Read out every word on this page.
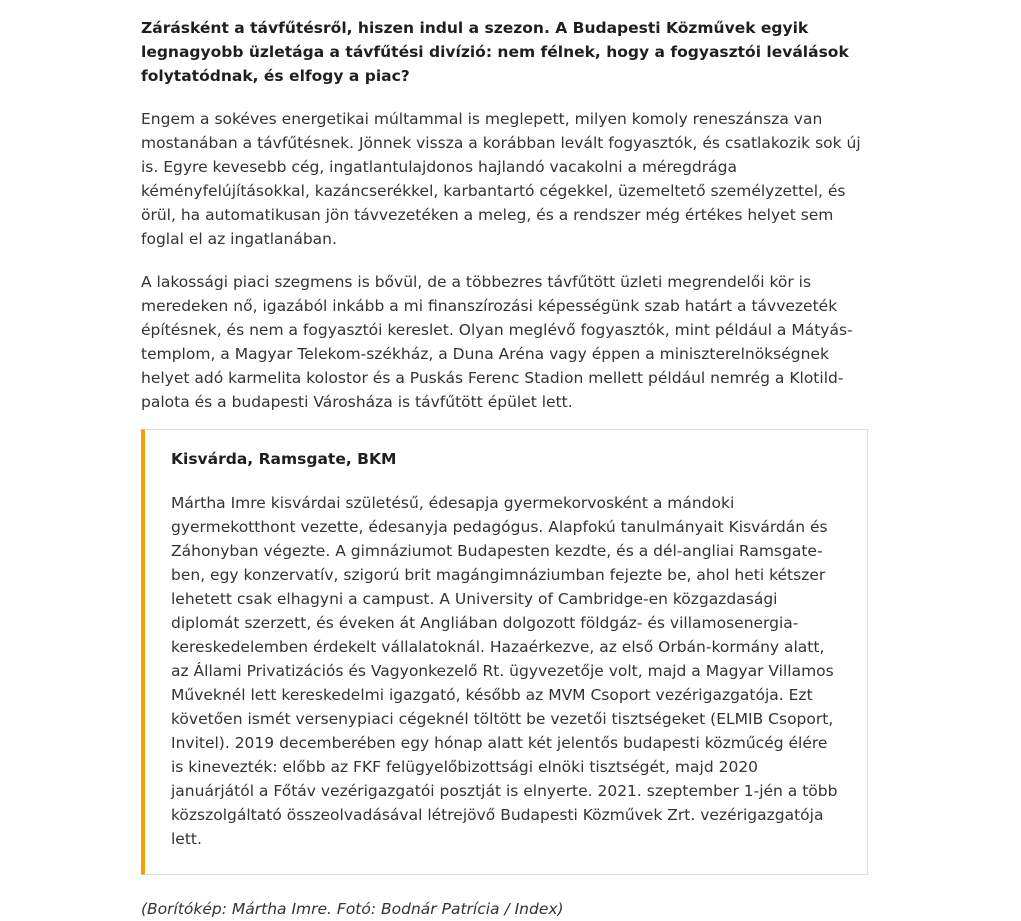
Zárásként a távfűtésről, hiszen indul a szezon. A Budapesti Közművek egyik legnagyobb üzletága a távfűtési divízió: nem félnek, hogy a fogyasztói leválások folytatódnak, és elfogy a piac?

Engem a sokéves energetikai múltammal is meglepett, milyen komoly reneszánsza van mostanában a távfűtésnek. Jönnek vissza a korábban levált fogyasztók, és csatlakozik sok új is. Egyre kevesebb cég, ingatlantulajdonos hajlandó vacakolni a méregdrága kéményfelújításokkal, kazáncserékkel, karbantartó cégekkel, üzemeltető személyzettel, és örül, ha automatikusan jön távvezetéken a meleg, és a rendszer még értékes helyet sem foglal el az ingatlanában.

A lakossági piaci szegmens is bővül, de a többezres távfűtött üzleti megrendelői kör is meredeken nő, igazából inkább a mi finanszírozási képességünk szab határt a távvezeték építésnek, és nem a fogyasztói kereslet. Olyan meglévő fogyasztók, mint például a Mátyás-templom, a Magyar Telekom-székház, a Duna Aréna vagy éppen a miniszterelnökségnek helyet adó karmelita kolostor és a Puskás Ferenc Stadion mellett például nemrég a Klotild-palota és a budapesti Városháza is távfűtött épület lett.

Kisvárda, Ramsgate, BKM

Mártha Imre kisvárdai születésű, édesapja gyermekorvosként a mándoki gyermekotthont vezette, édesanyja pedagógus. Alapfokú tanulmányait Kisvárdán és Záhonyban végezte. A gimnáziumot Budapesten kezdte, és a dél-angliai Ramsgate-ben, egy konzervatív, szigorú brit magángimnáziumban fejezte be, ahol heti kétszer lehetett csak elhagyni a campust. A University of Cambridge-en közgazdasági diplomát szerzett, és éveken át Angliában dolgozott földgáz- és villamosenergia-kereskedelemben érdekelt vállalatoknál. Hazaérkezve, az első Orbán-kormány alatt, az Állami Privatizációs és Vagyonkezelő Rt. ügyvezetője volt, majd a Magyar Villamos Műveknél lett kereskedelmi igazgató, később az MVM Csoport vezérigazgatója. Ezt követően ismét versenypiaci cégeknél töltött be vezetői tisztségeket (ELMIB Csoport, Invitel). 2019 decemberében egy hónap alatt két jelentős budapesti közműcég élére is kinevezték: előbb az FKF felügyelőbizottsági elnöki tisztségét, majd 2020 januárjától a Főtáv vezérigazgatói posztját is elnyerte. 2021. szeptember 1-jén a több közszolgáltató összeolvadásával létrejövő Budapesti Közművek Zrt. vezérigazgatója lett.

(Borítókép: Mártha Imre. Fotó: Bodnár Patrícia / Index)
